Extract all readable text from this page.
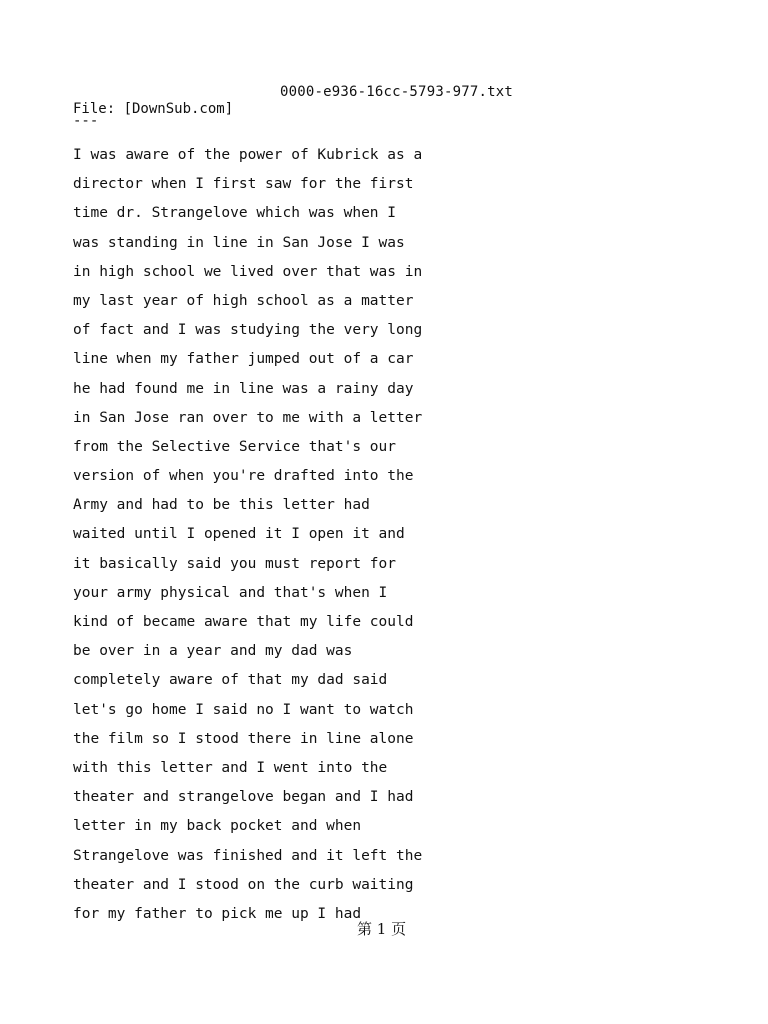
0000-e936-16cc-5793-977.txt
File: [DownSub.com]
---
I was aware of the power of Kubrick as a
director when I first saw for the first
time dr. Strangelove which was when I
was standing in line in San Jose I was
in high school we lived over that was in
my last year of high school as a matter
of fact and I was studying the very long
line when my father jumped out of a car
he had found me in line was a rainy day
in San Jose ran over to me with a letter
from the Selective Service that's our
version of when you're drafted into the
Army and had to be this letter had
waited until I opened it I open it and
it basically said you must report for
your army physical and that's when I
kind of became aware that my life could
be over in a year and my dad was
completely aware of that my dad said
let's go home I said no I want to watch
the film so I stood there in line alone
with this letter and I went into the
theater and strangelove began and I had
letter in my back pocket and when
Strangelove was finished and it left the
theater and I stood on the curb waiting
for my father to pick me up I had
第 1 页
